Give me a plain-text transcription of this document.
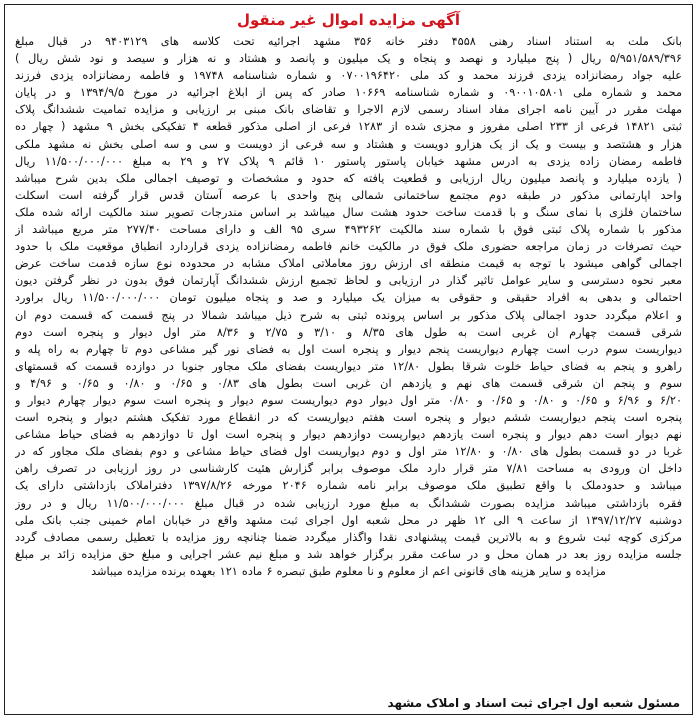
آگهی مزایده اموال غیر منقول
بانک ملت به استناد اسناد رهنی ۴۵۵۸ دفتر خانه ۳۵۶ مشهد اجرائیه تحت کلاسه های ۹۴۰۳۱۲۹ در قبال مبلغ
۵/۹۵۱/۵۸۹/۳۹۶ ریال ( پنج میلیارد و نهصد و پنجاه و یک میلیون و پانصد و هشتاد و نه هزار و سیصد و نود شش ریال )
علیه جواد رمضانزاده یزدی فرزند محمد و کد ملی ۰۷۰۰۱۹۶۴۲۰ و شماره شناسنامه ۱۹۷۴۸ و فاطمه رمضانزاده یزدی فرزند
محمد و شماره ملی ۰۹۰۰۱۰۵۸۰۱ و شماره شناسنامه ۱۰۶۶۹ صادر که پس از ابلاغ اجرائیه در مورخ ۱۳۹۴/۹/۵ و در پایان
مهلت مقرر در آیین نامه اجرای مفاد اسناد رسمی لازم الاجرا و تقاضای بانک مبنی بر ارزیابی و مزایده تمامیت ششدانگ پلاک
ثبتی ۱۴۸۲۱ فرعی از ۲۳۳ اصلی مفروز و مجزی شده از ۱۲۸۳ فرعی از اصلی مذکور قطعه ۴ تفکیکی بخش ۹ مشهد ( چهار ده
هزار و هشتصد و بیست و یک از یک هزارو دویست و هشتاد و سه فرعی از دویست و سی و سه اصلی بخش نه مشهد ملکی
فاطمه رمضان زاده یزدی به ادرس مشهد خیابان پاستور پاستور ۱۰ قائم ۹ پلاک ۲۷ و ۲۹ به مبلغ ۱۱/۵۰۰/۰۰۰/۰۰۰ ریال
( یازده میلیارد و پانصد میلیون ریال ارزیابی و قطعیت یافته که حدود و مشخصات و توصیف اجمالی ملک بدین شرح میباشد
واحد اپارتمانی مذکور در طبقه دوم مجتمع ساختمانی شمالی پنج واحدی با عرصه آستان قدس قرار گرفته است اسکلت
ساختمان فلزی با نمای سنگ و با قدمت ساخت حدود هشت سال میباشد بر اساس مندرجات تصویر سند مالکیت ارائه شده ملک
مذکور با شماره پلاک ثبتی فوق با شماره سند مالکیت ۴۹۳۲۶۲ سری ۹۵ الف و دارای مساحت ۲۷۷/۴۰ متر مربع میباشد از
حیث تصرفات در زمان مراجعه حضوری ملک فوق در مالکیت خانم فاطمه رمضانزاده یزدی قراردارد انطباق موقعیت ملک با حدود
اجمالی گواهی میشود با توجه به قیمت منطقه ای ارزش روز معاملاتی املاک مشابه در محدوده نوع سازه قدمت ساخت عرض
معبر نحوه دسترسی و سایر عوامل تاثیر گذار در ارزیابی و لحاظ تجمیع ارزش ششدانگ آپارتمان فوق بدون در نظر گرفتن دیون
احتمالی و بدهی به افراد حقیقی و حقوقی به میزان یک میلیارد و صد و پنجاه میلیون تومان ۱۱/۵۰۰/۰۰۰/۰۰۰ ریال براورد
و اعلام میگردد حدود اجمالی پلاک مذکور بر اساس پرونده ثبتی به شرح ذیل میباشد شمالا در پنج قسمت که قسمت دوم ان
شرقی قسمت چهارم ان غربی است به طول های ۸/۳۵ و ۳/۱۰ و ۲/۷۵ و ۸/۳۶ متر اول دیوار و پنجره است دوم
دیواریست سوم درب است چهارم دیواریست پنجم دیوار و پنجره است اول به فضای نور گیر مشاعی دوم تا چهارم به راه پله و
راهرو و پنجم به فضای حیاط خلوت شرقا بطول ۱۲/۸۰ متر دیواریست بفضای ملک مجاور جنوبا در دوازده قسمت که قسمتهای
سوم و پنجم ان شرقی قسمت های نهم و یازدهم ان غربی است بطول های ۰/۸۳ و ۰/۶۵ و ۰/۸۰ و ۰/۶۵ و ۴/۹۶ و
۶/۲۰ و ۶/۹۶ و ۰/۶۵ و ۰/۸۰ و ۰/۶۵ و ۰/۸۰ متر اول دیوار دوم دیواریست سوم دیوار و پنجره است سوم دیوار چهارم دیوار و
پنجره است پنجم دیواریست ششم دیوار و پنجره است هفتم دیواریست که در انقطاع مورد تفکیک هشتم دیوار و پنجره است
نهم دیوار است دهم دیوار و پنجره است یازدهم دیواریست دوازدهم دیوار و پنجره است اول تا دوازدهم به فضای حیاط مشاعی
غربا در دو قسمت بطول های ۰/۸۰ و ۱۲/۸۰ متر اول و دوم دیواریست اول فضای حیاط مشاعی و دوم بفضای ملک مجاور که در
داخل ان ورودی به مساحت ۷/۸۱ متر قرار دارد ملک موصوف برابر گزارش هئیت کارشناسی در روز ارزیابی در تصرف راهن
میباشد و حدودملک با واقع تطبیق ملک موصوف برابر نامه شماره ۲۰۴۶ مورخه ۱۳۹۷/۸/۲۶ دفتراملاک بازداشتی دارای یک
فقره بازداشتی میباشد مزایده بصورت ششدانگ به مبلغ مورد ارزیابی شده در قبال مبلغ ۱۱/۵۰۰/۰۰۰/۰۰۰ ریال و در روز
دوشنبه ۱۳۹۷/۱۲/۲۷ از ساعت ۹ الی ۱۲ ظهر در محل شعبه اول اجرای ثبت مشهد واقع در خیابان امام خمینی جنب بانک ملی
مرکزی کوچه ثبت شروع و به بالاترین قیمت پیشنهادی نقدا واگذار میگردد ضمنا چنانچه روز مزایده با تعطیل رسمی مصادف گردد
جلسه مزایده روز بعد در همان محل و در ساعت مقرر برگزار خواهد شد و مبلغ نیم عشر اجرایی و مبلغ حق مزایده زائد بر مبلغ
مزایده و سایر هزینه های قانونی اعم از معلوم و نا معلوم طبق تبصره ۶ ماده ۱۲۱ بعهده برنده مزایده میباشد
مسئول شعبه اول اجرای ثبت اسناد و املاک مشهد
